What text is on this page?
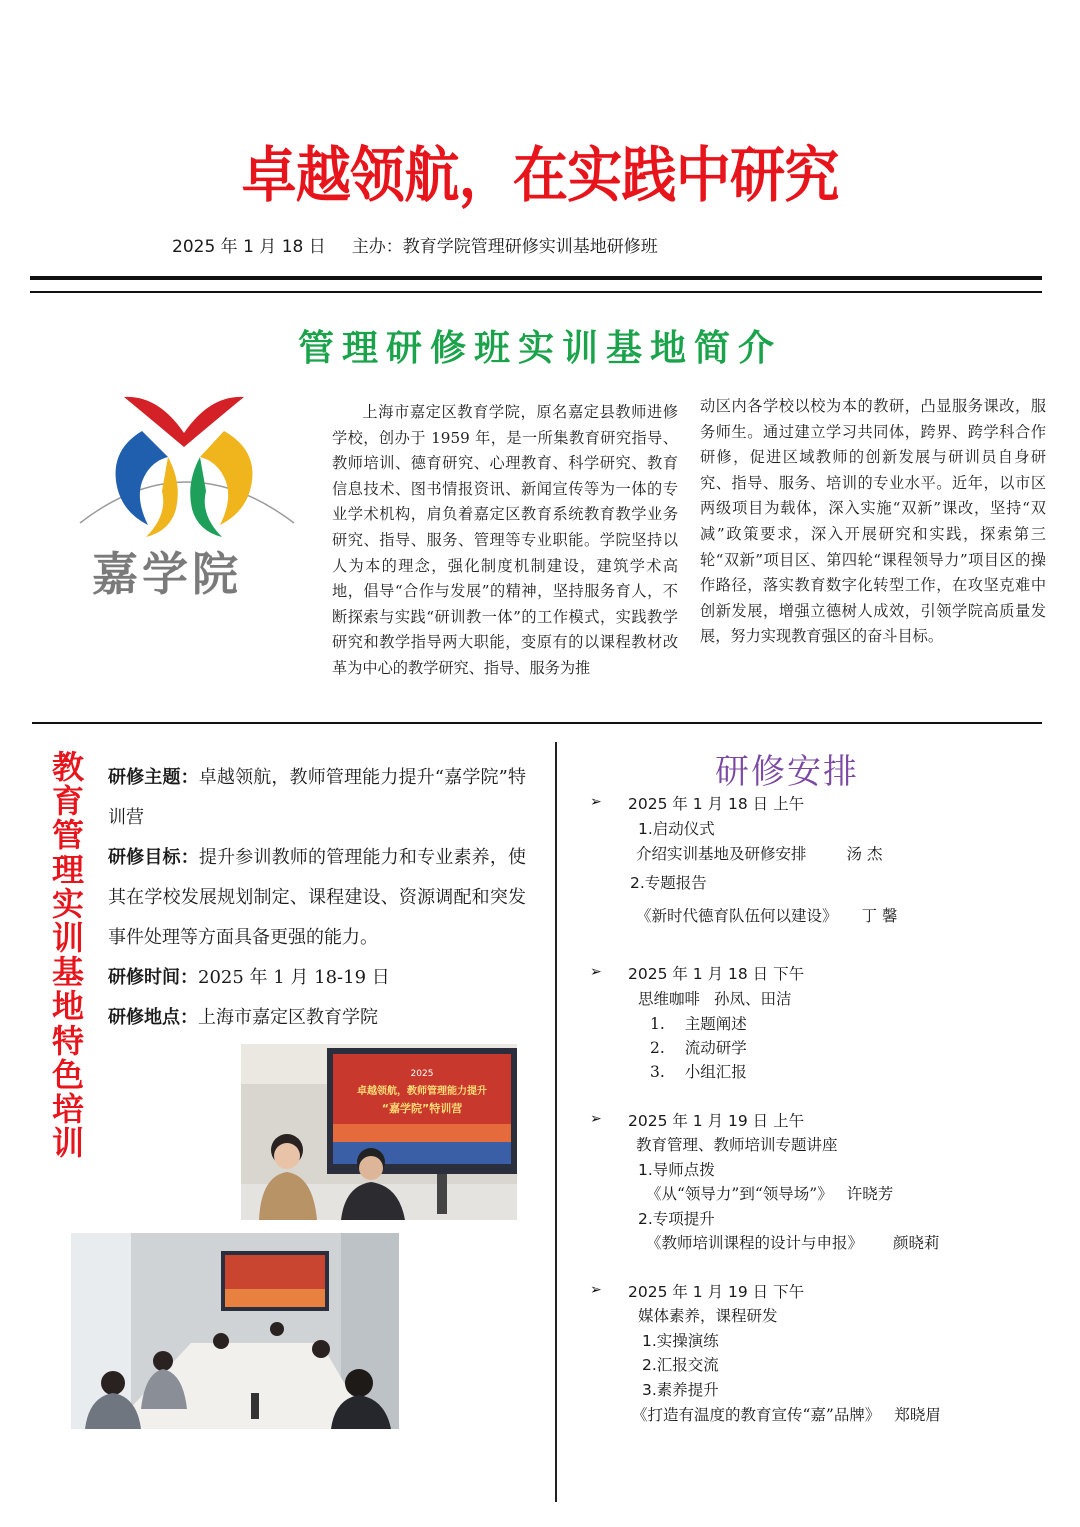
卓越领航，在实践中研究
2025 年 1 月 18 日 主办：教育学院管理研修实训基地研修班
管理研修班实训基地简介
嘉学院
上海市嘉定区教育学院，原名嘉定县教师进修学校，创办于 1959 年，是一所集教育研究指导、教师培训、德育研究、心理教育、科学研究、教育信息技术、图书情报资讯、新闻宣传等为一体的专业学术机构，肩负着嘉定区教育系统教育教学业务研究、指导、服务、管理等专业职能。学院坚持以人为本的理念，强化制度机制建设，建筑学术高地，倡导“合作与发展”的精神，坚持服务育人，不断探索与实践“研训教一体”的工作模式，实践教学研究和教学指导两大职能，变原有的以课程教材改革为中心的教学研究、指导、服务为推
动区内各学校以校为本的教研，凸显服务课改，服务师生。通过建立学习共同体，跨界、跨学科合作研修，促进区域教师的创新发展与研训员自身研究、指导、服务、培训的专业水平。近年，以市区两级项目为载体，深入实施“双新”课改，坚持“双减”政策要求，深入开展研究和实践，探索第三轮“双新”项目区、第四轮“课程领导力”项目区的操作路径，落实教育数字化转型工作，在攻坚克难中创新发展，增强立德树人成效，引领学院高质量发展，努力实现教育强区的奋斗目标。
教
育
管
理
实
训
基
地
特
色
培
训

研修主题：卓越领航，教师管理能力提升“嘉学院”特训营

研修目标：提升参训教师的管理能力和专业素养，使其在学校发展规划制定、课程建设、资源调配和突发事件处理等方面具备更强的能力。

研修时间：2025 年 1 月 18-19 日

研修地点：上海市嘉定区教育学院

2025
卓越领航，教师管理能力提升
“嘉学院”特训营
研修安排
➢ 2025 年 1 月 18 日 上午
1.启动仪式
介绍实训基地及研修安排	汤 杰
2.专题报告
《新时代德育队伍何以建设》 丁 馨
➢ 2025 年 1 月 18 日 下午
思维咖啡 孙凤、田洁
1. 主题阐述
2. 流动研学
3. 小组汇报
➢ 2025 年 1 月 19 日 上午
教育管理、教师培训专题讲座
1.导师点拨
《从“领导力”到“领导场”》 许晓芳
2.专项提升
《教师培训课程的设计与申报》 颜晓莉
➢ 2025 年 1 月 19 日 下午
媒体素养，课程研发
1.实操演练
2.汇报交流
3.素养提升
《打造有温度的教育宣传“嘉”品牌》 郑晓眉
